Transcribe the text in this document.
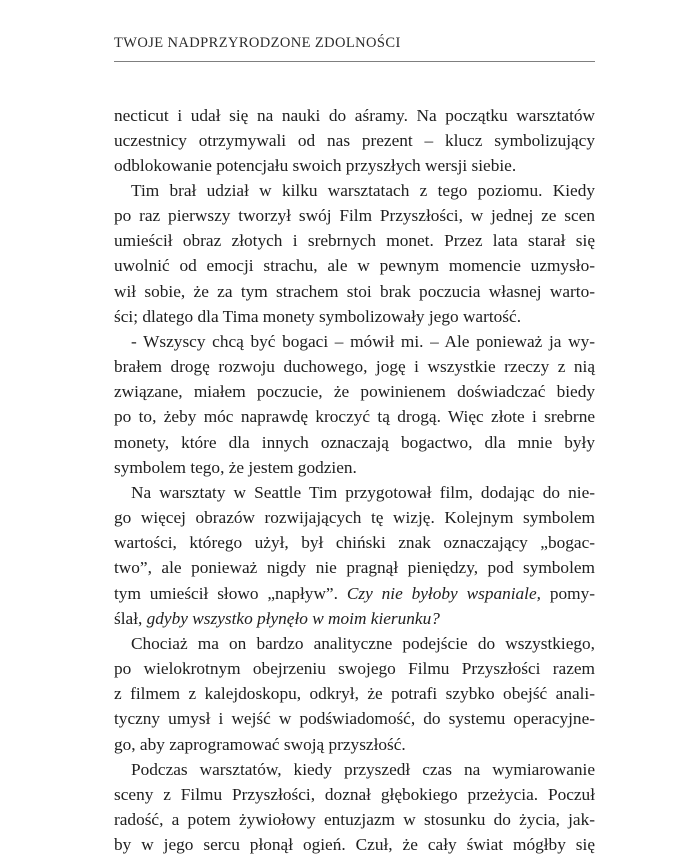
TWOJE NADPRZYRODZONE ZDOLNOŚCI
necticut i udał się na nauki do aśramy. Na początku warsztatów
uczestnicy otrzymywali od nas prezent – klucz symbolizujący
odblokowanie potencjału swoich przyszłych wersji siebie.
Tim brał udział w kilku warsztatach z tego poziomu. Kiedy
po raz pierwszy tworzył swój Film Przyszłości, w jednej ze scen
umieścił obraz złotych i srebrnych monet. Przez lata starał się
uwolnić od emocji strachu, ale w pewnym momencie uzmysło-
wił sobie, że za tym strachem stoi brak poczucia własnej warto-
ści; dlatego dla Tima monety symbolizowały jego wartość.
- Wszyscy chcą być bogaci – mówił mi. – Ale ponieważ ja wy-
brałem drogę rozwoju duchowego, jogę i wszystkie rzeczy z nią
związane, miałem poczucie, że powinienem doświadczać biedy
po to, żeby móc naprawdę kroczyć tą drogą. Więc złote i srebrne
monety, które dla innych oznaczają bogactwo, dla mnie były
symbolem tego, że jestem godzien.
Na warsztaty w Seattle Tim przygotował film, dodając do nie-
go więcej obrazów rozwijających tę wizję. Kolejnym symbolem
wartości, którego użył, był chiński znak oznaczający „bogac-
two”, ale ponieważ nigdy nie pragnął pieniędzy, pod symbolem
tym umieścił słowo „napływ”. Czy nie byłoby wspaniale, pomy-
ślał, gdyby wszystko płynęło w moim kierunku?
Chociaż ma on bardzo analityczne podejście do wszystkiego,
po wielokrotnym obejrzeniu swojego Filmu Przyszłości razem
z filmem z kalejdoskopu, odkrył, że potrafi szybko obejść anali-
tyczny umysł i wejść w podświadomość, do systemu operacyjne-
go, aby zaprogramować swoją przyszłość.
Podczas warsztatów, kiedy przyszedł czas na wymiarowanie
sceny z Filmu Przyszłości, doznał głębokiego przeżycia. Poczuł
radość, a potem żywiołowy entuzjazm w stosunku do życia, jak-
by w jego sercu płonął ogień. Czuł, że cały świat mógłby się
